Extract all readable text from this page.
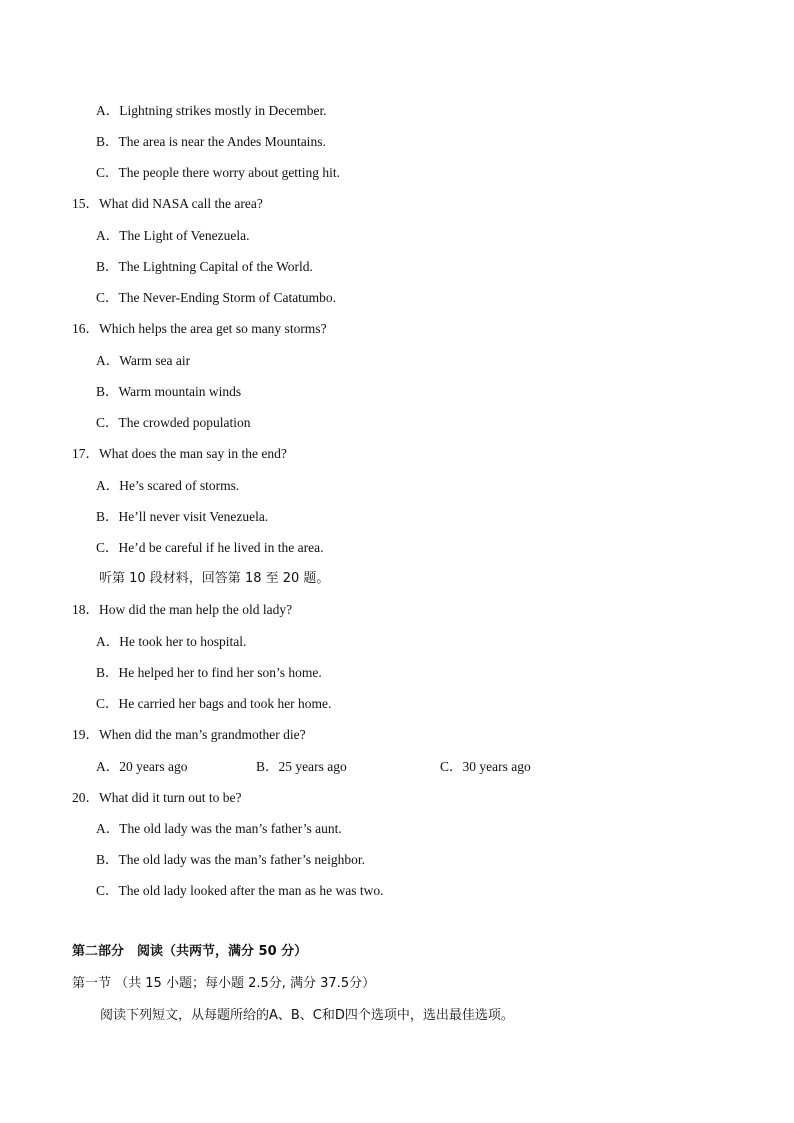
A．Lightning strikes mostly in December.
B．The area is near the Andes Mountains.
C．The people there worry about getting hit.
15．What did NASA call the area?
A．The Light of Venezuela.
B．The Lightning Capital of the World.
C．The Never-Ending Storm of Catatumbo.
16．Which helps the area get so many storms?
A．Warm sea air
B．Warm mountain winds
C．The crowded population
17．What does the man say in the end?
A．He’s scared of storms.
B．He’ll never visit Venezuela.
C．He’d be careful if he lived in the area.
听第 10 段材料，回答第 18 至 20 题。
18．How did the man help the old lady?
A．He took her to hospital.
B．He helped her to find her son’s home.
C．He carried her bags and took her home.
19．When did the man’s grandmother die?
A．20 years ago	B．25 years ago	C．30 years ago
20．What did it turn out to be?
A．The old lady was the man’s father’s aunt.
B．The old lady was the man’s father’s neighbor.
C．The old lady looked after the man as he was two.
第二部分　阅读（共两节，满分 50 分）
第一节 （共 15 小题；每小题 2.5分, 满分 37.5分）
阅读下列短文，从每题所给的A、B、C和D四个选项中，选出最佳选项。
